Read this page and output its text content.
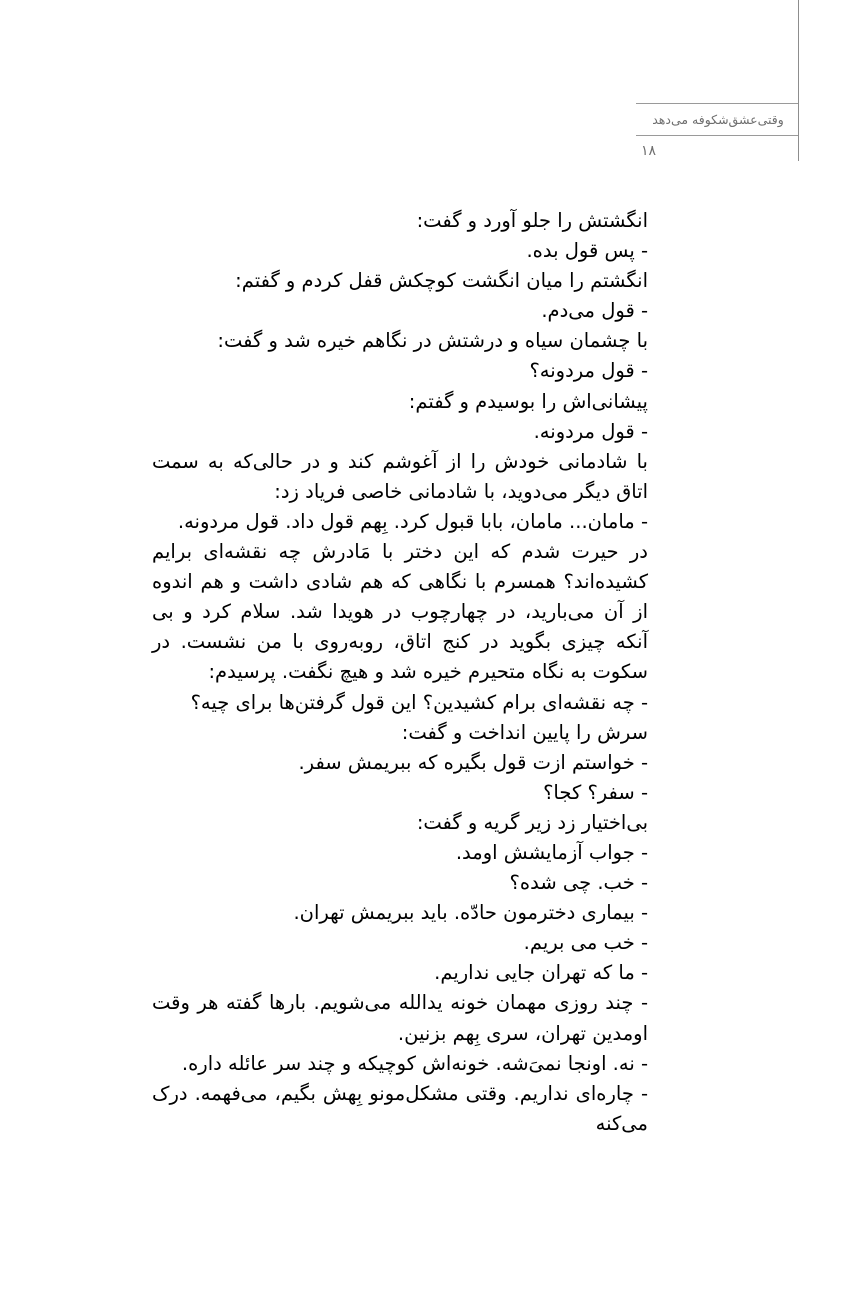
وقتی‌عشق‌شکوفه می‌دهد
۱۸

انگشتش را جلو آورد و گفت:

- پس قول بده.

انگشتم را میان انگشت کوچکش قفل کردم و گفتم:

- قول می‌دم.

با چشمان سیاه و درشتش در نگاهم خیره شد و گفت:

- قول مردونه؟

پیشانی‌اش را بوسیدم و گفتم:

- قول مردونه.

با شادمانی خودش را از آغوشم کند و در حالی‌که به سمت اتاق دیگر می‌دوید، با شادمانی خاصی فریاد زد:

- مامان... مامان، بابا قبول کرد. بِهم قول داد. قول مردونه.

در حیرت شدم که این دختر با مَادرش چه نقشه‌ای برایم کشیده‌اند؟ همسرم با نگاهی که هم شادی داشت و هم اندوه از آن می‌بارید، در چهارچوب در هویدا شد. سلام کرد و بی آنکه چیزی بگوید در کنج اتاق، روبه‌روی با من نشست. در سکوت به نگاه متحیرم خیره شد و هیچ نگفت. پرسیدم:

- چه نقشه‌ای برام کشیدین؟ این قول گرفتن‌ها برای چیه؟

سرش را پایین انداخت و گفت:

- خواستم ازت قول بگیره که ببریمش سفر.

- سفر؟ کجا؟

بی‌اختیار زد زیر گریه و گفت:

- جواب آزمایشش اومد.

- خب. چی شده؟

- بیماری دخترمون حادّه. باید ببریمش تهران.

- خب می بریم.

- ما که تهران جایی نداریم.

- چند روزی مهمان خونه یدالله می‌شویم. بارها گفته هر وقت اومدین تهران، سری بِهم بزنین.

- نه. اونجا نمیَ‌شه. خونه‌اش کوچیکه و چند سر عائله داره.

- چاره‌ای نداریم. وقتی مشکل‌مونو بِهش بگیم، می‌فهمه. درک می‌کنه
